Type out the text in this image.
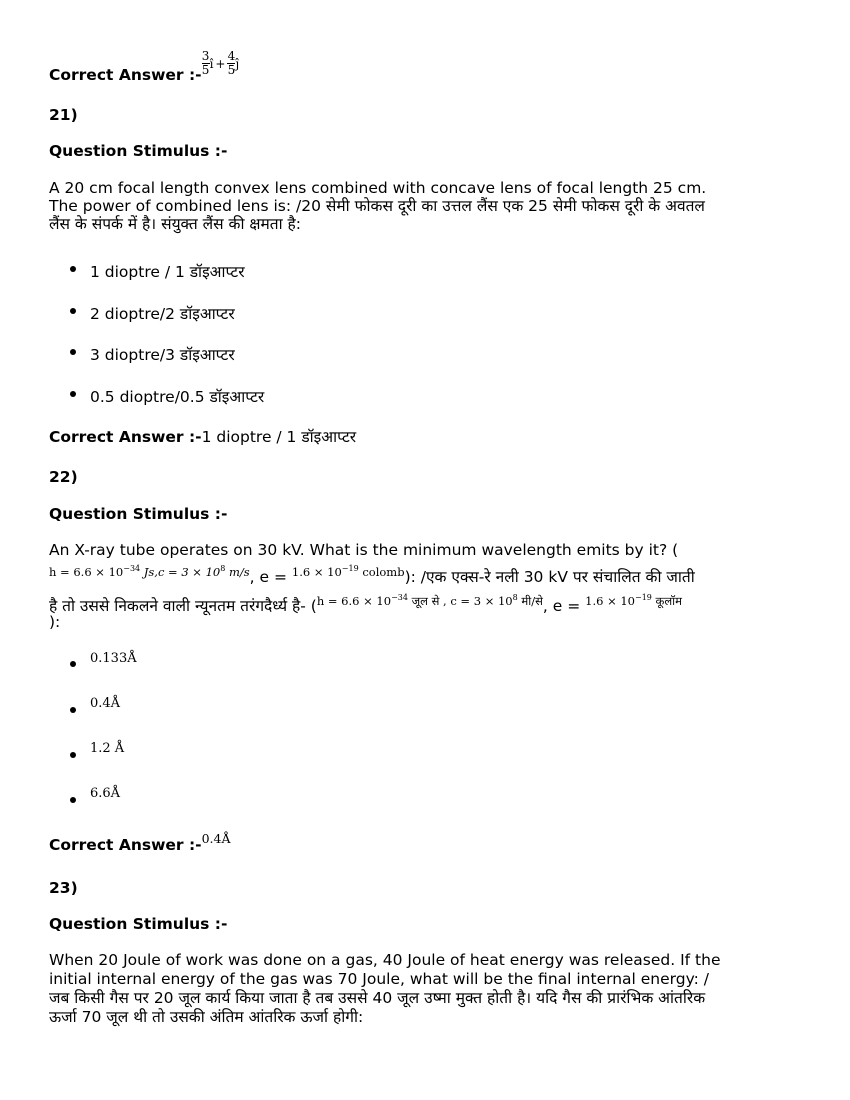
Correct Answer :- $\frac{3}{5}$ î + $\frac{4}{5}$ ĵ
21)
Question Stimulus :-
A 20 cm focal length convex lens combined with concave lens of focal length 25 cm.
The power of combined lens is: /20 सेमी फोकस दूरी का उत्तल लैंस एक 25 सेमी फोकस दूरी के अवतल
लैंस के संपर्क में है। संयुक्त लैंस की क्षमता है:
1 dioptre / 1 डॉइआप्टर
2 dioptre/2 डॉइआप्टर
3 dioptre/3 डॉइआप्टर
0.5 dioptre/0.5 डॉइआप्टर
Correct Answer :-1 dioptre / 1 डॉइआप्टर
22)
Question Stimulus :-
An X-ray tube operates on 30 kV. What is the minimum wavelength emits by it? (
$^{h = 6.6 \times 10^{-34} Js,c = 3 \times 10^8 m/s}$, e = $^{1.6 \times 10^{-19} colomb}$): /एक एक्स-रे नली 30 kV पर संचालित की जाती
है तो उससे निकलने वाली न्यूनतम तरंगदैर्ध्य है- ($^{h = 6.6 \times 10^{-34} जूल से , c = 3 \times 10^8 मी/से}$, e = $^{1.6 \times 10^{-19} कूलॉम}$
):
0.133Å
0.4Å
1.2 Å
6.6Å
Correct Answer :-$^{0.4Å}$
23)
Question Stimulus :-
When 20 Joule of work was done on a gas, 40 Joule of heat energy was released. If the
initial internal energy of the gas was 70 Joule, what will be the final internal energy: /
जब किसी गैस पर 20 जूल कार्य किया जाता है तब उससे 40 जूल उष्मा मुक्त होती है। यदि गैस की प्रारंभिक आंतरिक
ऊर्जा 70 जूल थी तो उसकी अंतिम आंतरिक ऊर्जा होगी:
